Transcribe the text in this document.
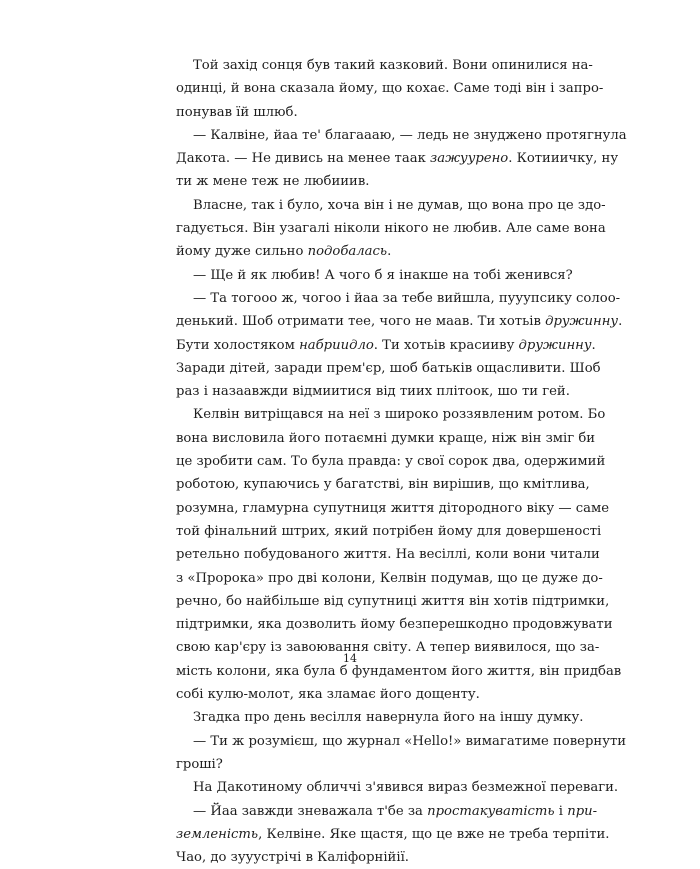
Той захід сонця був такий казковий. Вони опинилися на-
одинці, й вона сказала йому, що кохає. Саме тоді він і запро-
понував їй шлюб.
— Калвіне, йаа те' благаааю, — ледь не знуджено протягнула
Дакота. — Не дивись на менее таак зажуурено. Котииичку, ну
ти ж мене теж не любииив.
Власне, так і було, хоча він і не думав, що вона про це здо-
гадується. Він узагалі ніколи нікого не любив. Але саме вона
йому дуже сильно подобалась.
— Ще й як любив! А чого б я інакше на тобі женився?
— Та тогооо ж, чогоо і йаа за тебе вийшла, пууупсику солоо-
денький. Шоб отримати тее, чого не маав. Ти хотьів дружинну.
Бути холостяком набриидло. Ти хотьів красииву дружинну.
Заради дітей, заради прем'єр, шоб батьків ощасливити. Шоб
раз і назаавжди відмиитися від тиих плітоок, шо ти гей.
Келвін витріщався на неї з широко роззявленим ротом. Бо
вона висловила його потаємні думки краще, ніж він зміг би
це зробити сам. То була правда: у свої сорок два, одержимий
роботою, купаючись у багатстві, він вирішив, що кмітлива,
розумна, гламурна супутниця життя дітородного віку — саме
той фінальний штрих, який потрібен йому для довершеності
ретельно побудованого життя. На весіллі, коли вони читали
з «Пророка» про дві колони, Келвін подумав, що це дуже до-
речно, бо найбільше від супутниці життя він хотів підтримки,
підтримки, яка дозволить йому безперешкодно продовжувати
свою кар'єру із завоювання світу. А тепер виявилося, що за-
мість колони, яка була б фундаментом його життя, він придбав
собі кулю-молот, яка зламає його дощенту.
Згадка про день весілля навернула його на іншу думку.
— Ти ж розумієш, що журнал «Hello!» вимагатиме повернути
гроші?
На Дакотиному обличчі з'явився вираз безмежної переваги.
— Йаа завжди зневажала т'бе за простакуватість і при-
земленість, Келвіне. Яке щастя, що це вже не треба терпіти.
Чао, до зууустрічі в Каліфорнійії.
14
